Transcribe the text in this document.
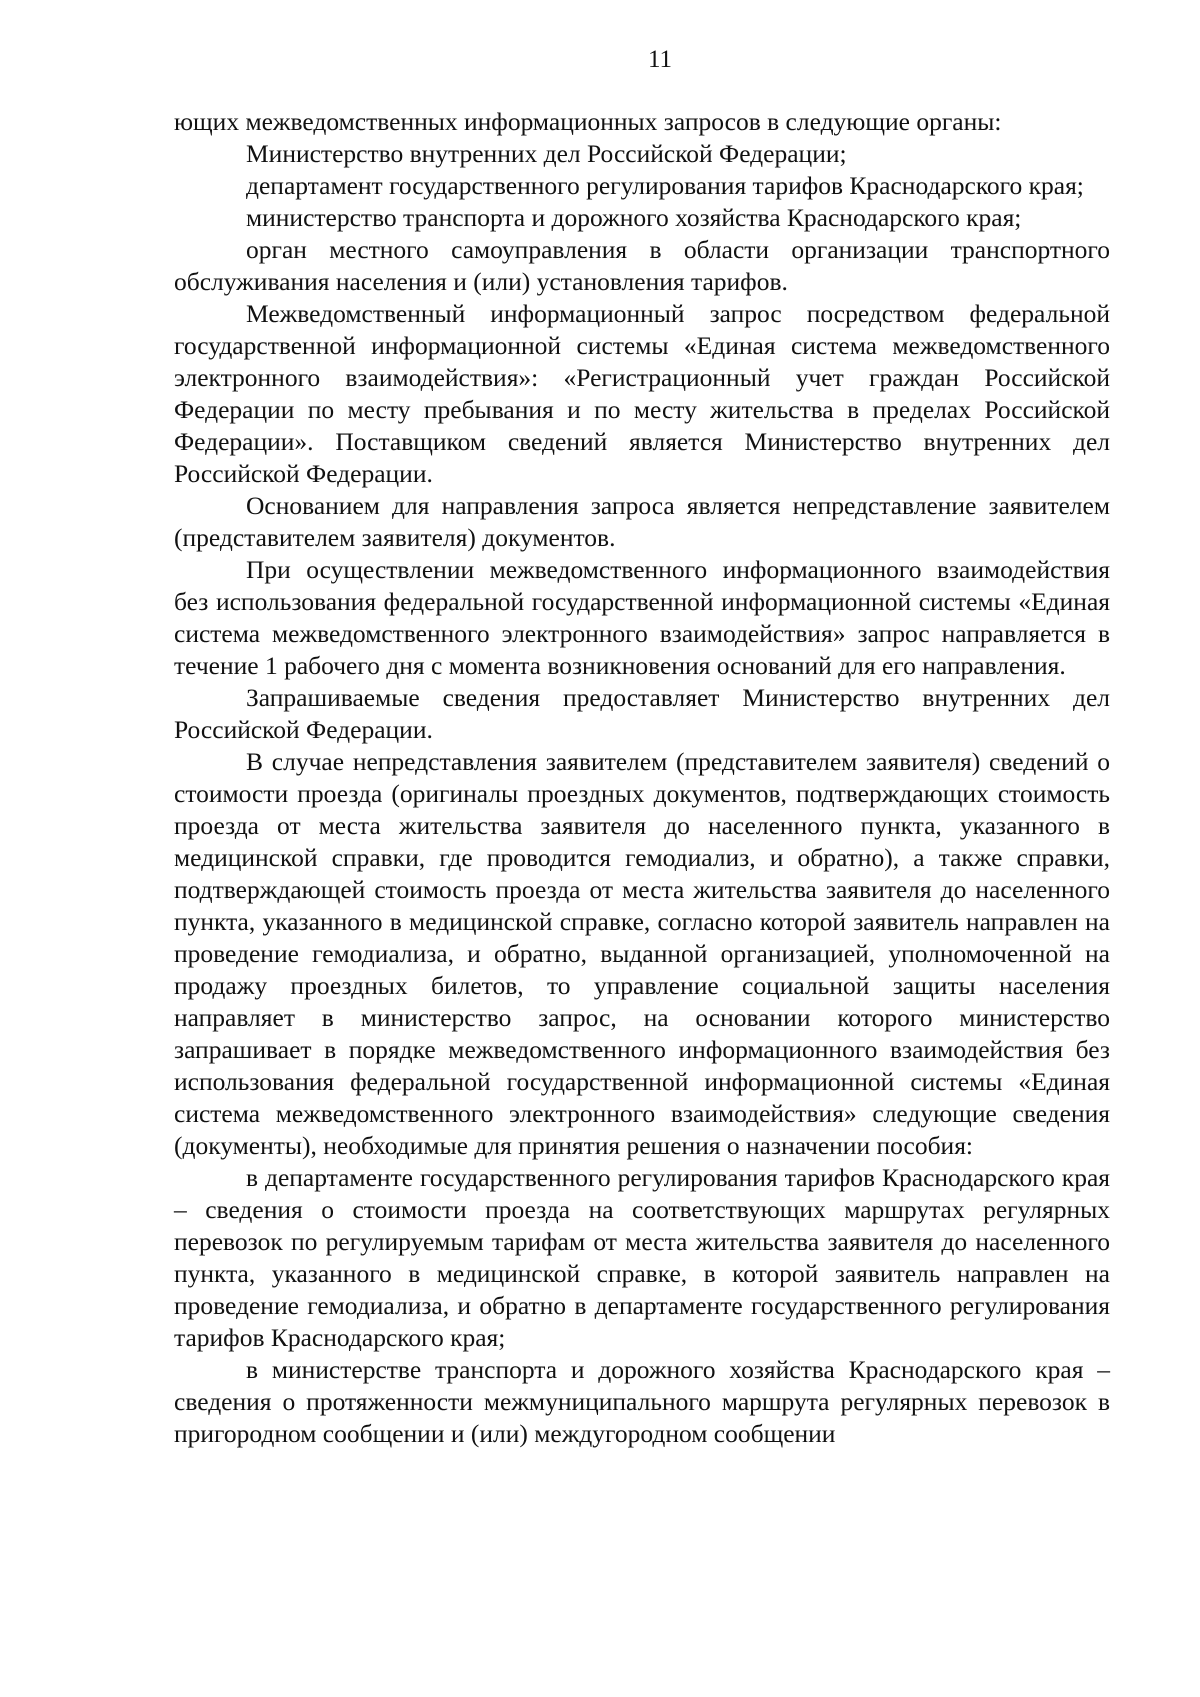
11

ющих межведомственных информационных запросов в следующие органы:

Министерство внутренних дел Российской Федерации;

департамент государственного регулирования тарифов Краснодарского края;

министерство транспорта и дорожного хозяйства Краснодарского края;

орган местного самоуправления в области организации транспортного обслуживания населения и (или) установления тарифов.

Межведомственный информационный запрос посредством федеральной государственной информационной системы «Единая система межведомственного электронного взаимодействия»: «Регистрационный учет граждан Российской Федерации по месту пребывания и по месту жительства в пределах Российской Федерации». Поставщиком сведений является Министерство внутренних дел Российской Федерации.

Основанием для направления запроса является непредставление заявителем (представителем заявителя) документов.

При осуществлении межведомственного информационного взаимодействия без использования федеральной государственной информационной системы «Единая система межведомственного электронного взаимодействия» запрос направляется в течение 1 рабочего дня с момента возникновения оснований для его направления.

Запрашиваемые сведения предоставляет Министерство внутренних дел Российской Федерации.

В случае непредставления заявителем (представителем заявителя) сведений о стоимости проезда (оригиналы проездных документов, подтверждающих стоимость проезда от места жительства заявителя до населенного пункта, указанного в медицинской справки, где проводится гемодиализ, и обратно), а также справки, подтверждающей стоимость проезда от места жительства заявителя до населенного пункта, указанного в медицинской справке, согласно которой заявитель направлен на проведение гемодиализа, и обратно, выданной организацией, уполномоченной на продажу проездных билетов, то управление социальной защиты населения направляет в министерство запрос, на основании которого министерство запрашивает в порядке межведомственного информационного взаимодействия без использования федеральной государственной информационной системы «Единая система межведомственного электронного взаимодействия» следующие сведения (документы), необходимые для принятия решения о назначении пособия:

в департаменте государственного регулирования тарифов Краснодарского края – сведения о стоимости проезда на соответствующих маршрутах регулярных перевозок по регулируемым тарифам от места жительства заявителя до населенного пункта, указанного в медицинской справке, в которой заявитель направлен на проведение гемодиализа, и обратно в департаменте государственного регулирования тарифов Краснодарского края;

в министерстве транспорта и дорожного хозяйства Краснодарского края – сведения о протяженности межмуниципального маршрута регулярных перевозок в пригородном сообщении и (или) междугородном сообщении
